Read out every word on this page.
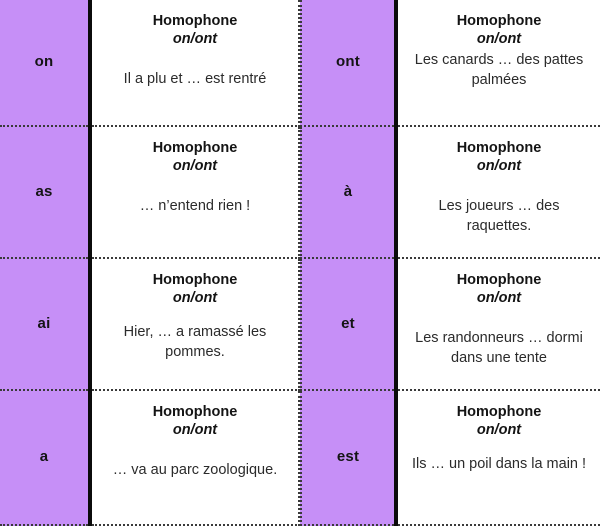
on
Homophone
on/ont
Il a plu et … est rentré
ont
Homophone
on/ont
Les canards … des pattes palmées
as
Homophone
on/ont
… n’entend rien !
à
Homophone
on/ont
Les joueurs … des raquettes.
ai
Homophone
on/ont
Hier, … a ramassé les pommes.
et
Homophone
on/ont
Les randonneurs … dormi dans une tente
a
Homophone
on/ont
… va au parc zoologique.
est
Homophone
on/ont
Ils … un poil dans la main !
